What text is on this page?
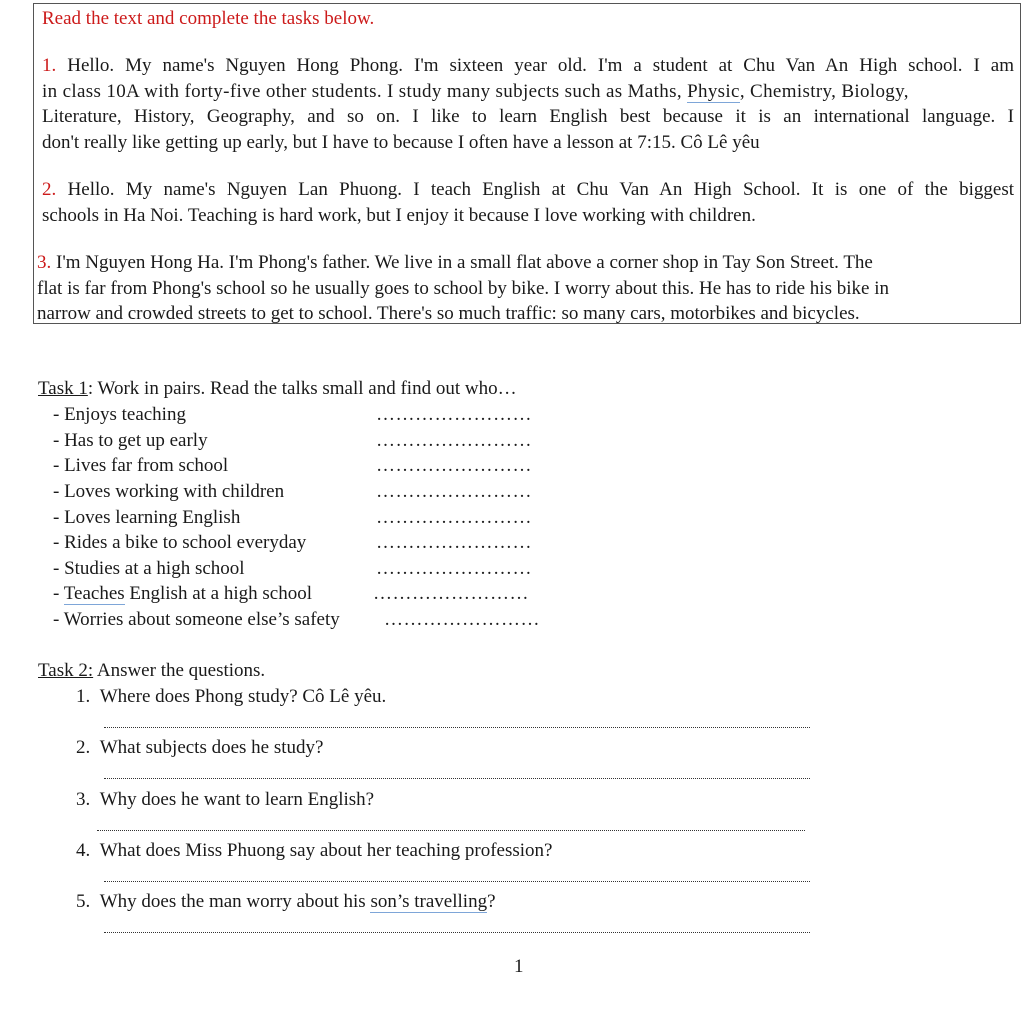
Read the text and complete the tasks below.
1. Hello. My name's Nguyen Hong Phong. I'm sixteen year old. I'm a student at Chu Van An High school. I am
in class 10A with forty-five other students. I study many subjects such as Maths, Physic, Chemistry, Biology,
Literature, History, Geography, and so on. I like to learn English best because it is an international language. I
don't really like getting up early, but I have to because I often have a lesson at 7:15. Cô Lê yêu
2. Hello. My name's Nguyen Lan Phuong. I teach English at Chu Van An High School. It is one of the biggest
schools in Ha Noi. Teaching is hard work, but I enjoy it because I love working with children.
3. I'm Nguyen Hong Ha. I'm Phong's father. We live in a small flat above a corner shop in Tay Son Street. The
flat is far from Phong's school so he usually goes to school by bike. I worry about this. He has to ride his bike in
narrow and crowded streets to get to school. There's so much traffic: so many cars, motorbikes and bicycles.
Task 1: Work in pairs. Read the talks small and find out who…
- Enjoys teaching
- Has to get up early
- Lives far from school
- Loves working with children
- Loves learning English
- Rides a bike to school everyday
- Studies at a high school
- Teaches English at a high school
- Worries about someone else’s safety
……………………
……………………
……………………
……………………
……………………
……………………
……………………
……………………
……………………
Task 2: Answer the questions.
1. Where does Phong study? Cô Lê yêu.
2. What subjects does he study?
3. Why does he want to learn English?
4. What does Miss Phuong say about her teaching profession?
5. Why does the man worry about his son’s travelling?
1
